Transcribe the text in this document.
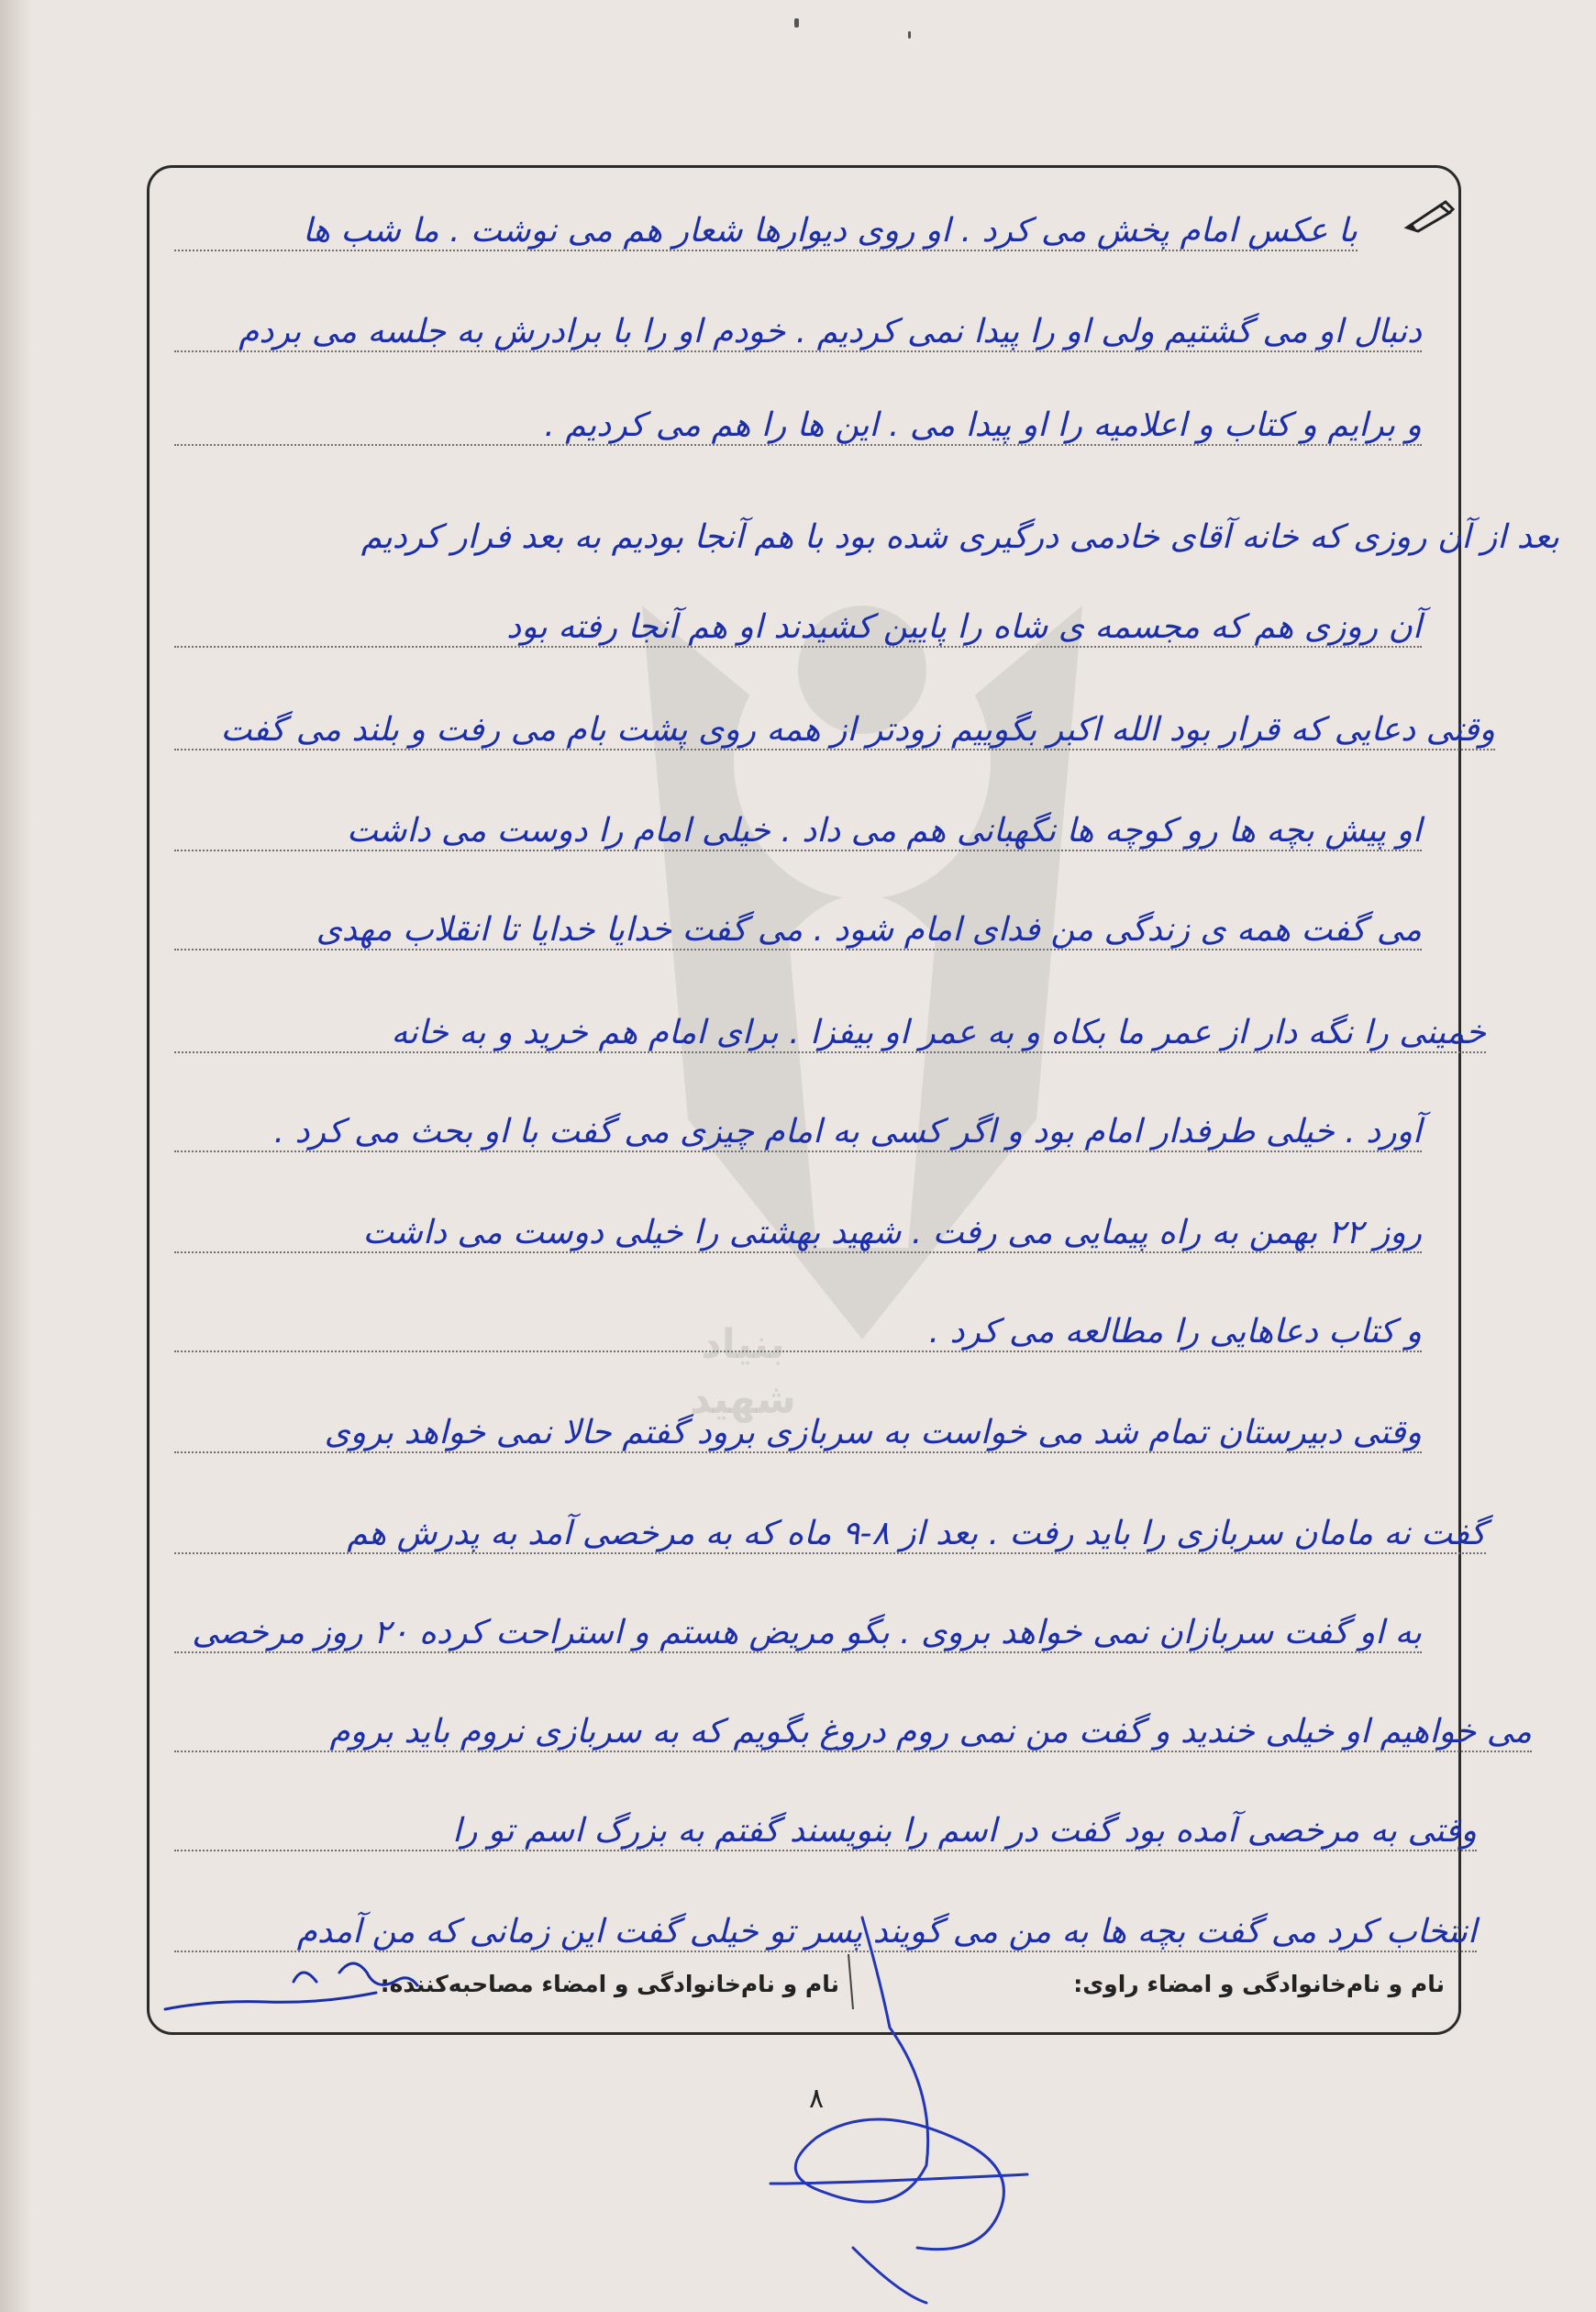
بنیاد
شهید
با عکس امام پخش می کرد . او روی دیوارها شعار هم می نوشت . ما شب ها
دنبال او می گشتیم ولی او را پیدا نمی کردیم . خودم او را با برادرش به جلسه می بردم
و برایم و کتاب و اعلامیه را او پیدا می . این ها را هم می کردیم .
بعد از آن روزی که خانه آقای خادمی درگیری شده بود با هم آنجا بودیم به بعد فرار کردیم
آن روزی هم که مجسمه ی شاه را پایین کشیدند او هم آنجا رفته بود
وقتی دعایی که قرار بود الله اکبر بگوییم زودتر از همه روی پشت بام می رفت و بلند می گفت
او پیش بچه ها رو کوچه ها نگهبانی هم می داد . خیلی امام را دوست می داشت
می گفت همه ی زندگی من فدای امام شود . می گفت خدایا خدایا تا انقلاب مهدی
خمینی را نگه دار از عمر ما بکاه و به عمر او بیفزا . برای امام هم خرید و به خانه
آورد . خیلی طرفدار امام بود و اگر کسی به امام چیزی می گفت با او بحث می کرد .
روز ۲۲ بهمن به راه پیمایی می رفت . شهید بهشتی را خیلی دوست می داشت
و کتاب دعاهایی را مطالعه می کرد .
وقتی دبیرستان تمام شد می خواست به سربازی برود گفتم حالا نمی خواهد بروی
گفت نه مامان سربازی را باید رفت . بعد از ۸-۹ ماه که به مرخصی آمد به پدرش هم
به او گفت سربازان نمی خواهد بروی . بگو مریض هستم و استراحت کرده ۲۰ روز مرخصی
می خواهیم او خیلی خندید و گفت من نمی روم دروغ بگویم که به سربازی نروم باید بروم
وقتی به مرخصی آمده بود گفت در اسم را بنویسند گفتم به بزرگ اسم تو را
انتخاب کرد می گفت بچه ها به من می گویند پسر تو خیلی گفت این زمانی که من آمدم
نام و نام‌خانوادگی و امضاء راوی:
نام و نام‌خانوادگی و امضاء مصاحبه‌کننده:
۸
